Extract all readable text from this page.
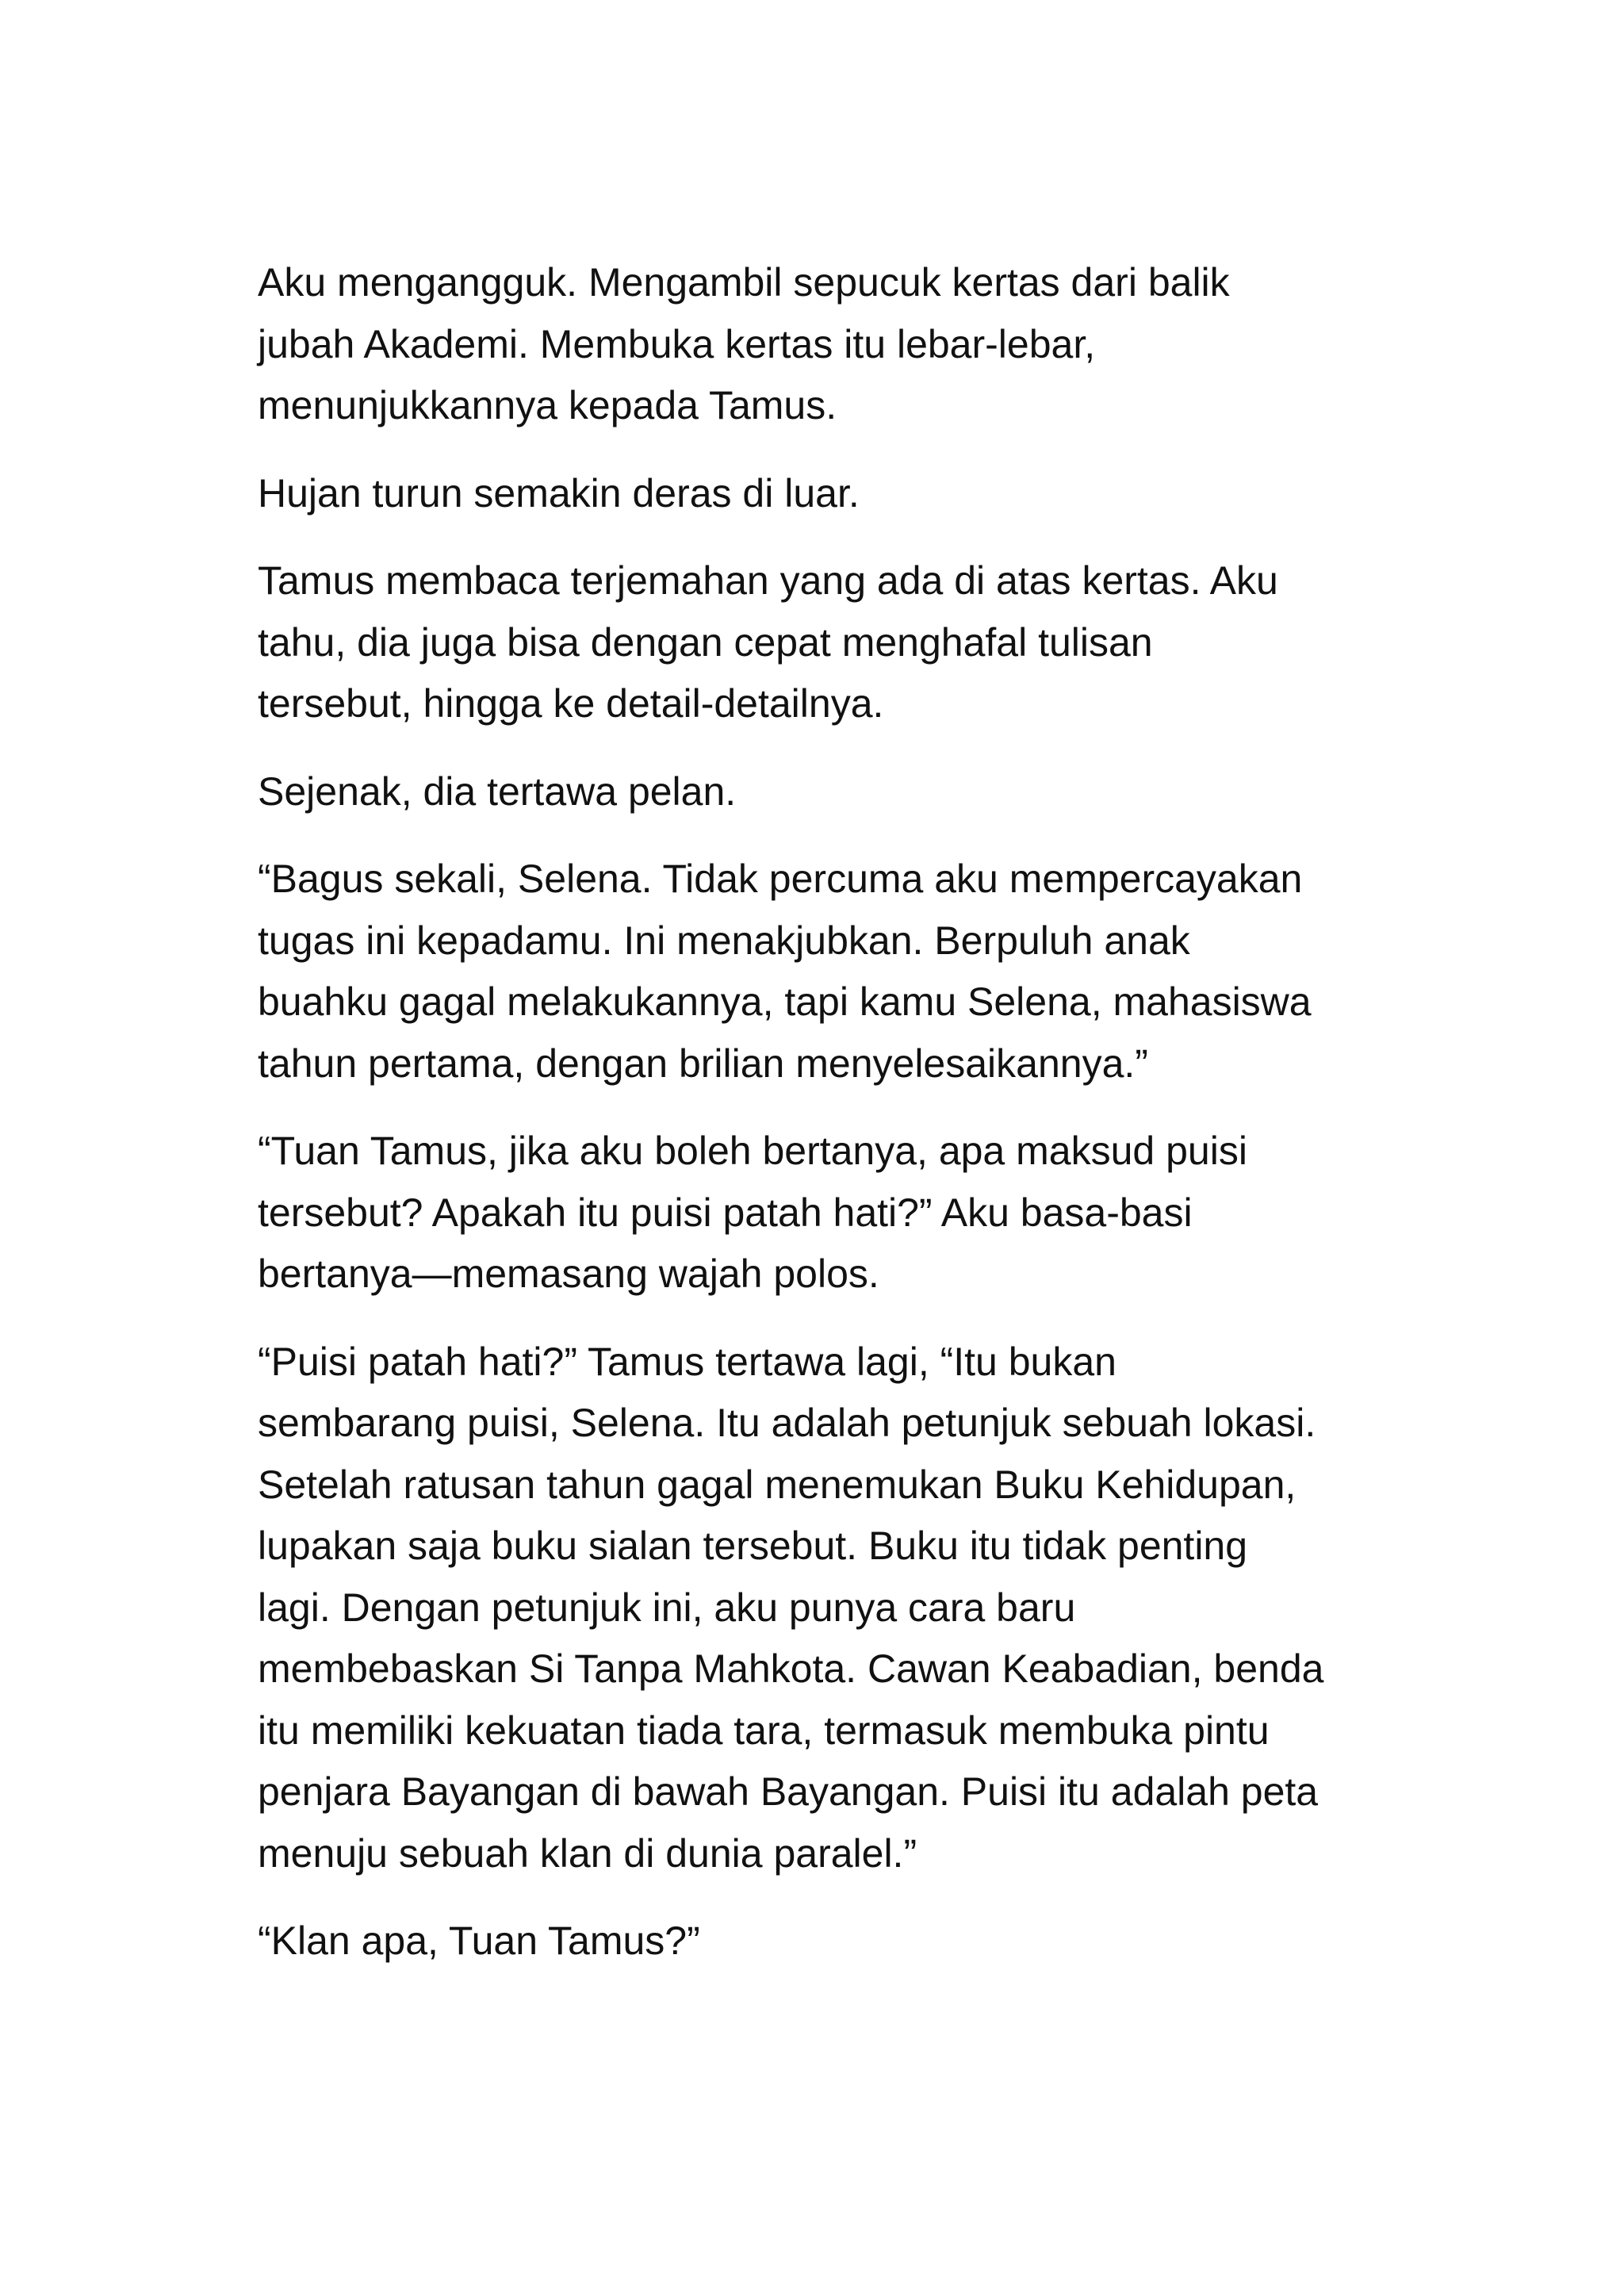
Aku mengangguk. Mengambil sepucuk kertas dari balik
jubah Akademi. Membuka kertas itu lebar-lebar,
menunjukkannya kepada Tamus.

Hujan turun semakin deras di luar.

Tamus membaca terjemahan yang ada di atas kertas. Aku
tahu, dia juga bisa dengan cepat menghafal tulisan
tersebut, hingga ke detail-detailnya.

Sejenak, dia tertawa pelan.

“Bagus sekali, Selena. Tidak percuma aku mempercayakan
tugas ini kepadamu. Ini menakjubkan. Berpuluh anak
buahku gagal melakukannya, tapi kamu Selena, mahasiswa
tahun pertama, dengan brilian menyelesaikannya.”

“Tuan Tamus, jika aku boleh bertanya, apa maksud puisi
tersebut? Apakah itu puisi patah hati?” Aku basa-basi
bertanya—memasang wajah polos.

“Puisi patah hati?” Tamus tertawa lagi, “Itu bukan
sembarang puisi, Selena. Itu adalah petunjuk sebuah lokasi.
Setelah ratusan tahun gagal menemukan Buku Kehidupan,
lupakan saja buku sialan tersebut. Buku itu tidak penting
lagi. Dengan petunjuk ini, aku punya cara baru
membebaskan Si Tanpa Mahkota. Cawan Keabadian, benda
itu memiliki kekuatan tiada tara, termasuk membuka pintu
penjara Bayangan di bawah Bayangan. Puisi itu adalah peta
menuju sebuah klan di dunia paralel.”

“Klan apa, Tuan Tamus?”
